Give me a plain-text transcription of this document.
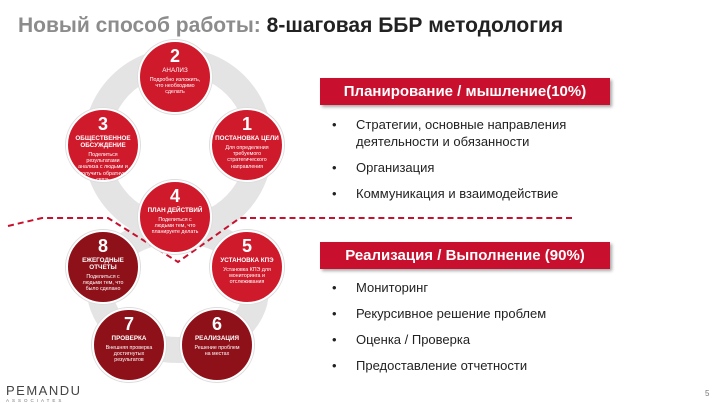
Новый способ работы: 8-шаговая ББР методология
2
АНАЛИЗ
Подробно изложить, что необходимо сделать
1
ПОСТАНОВКА ЦЕЛИ
Для определения требуемого стратегического направления
3
ОБЩЕСТВЕННОЕ ОБСУЖДЕНИЕ
Поделиться результатами анализа с людьми и получить обратную связь
4
ПЛАН ДЕЙСТВИЙ
Поделиться с людьми тем, что планируете делать
5
УСТАНОВКА КПЭ
Установка КПЭ для мониторинга и отслеживания
8
ЕЖЕГОДНЫЕ ОТЧЕТЫ
Поделиться с людьми тем, что было сделано
7
ПРОВЕРКА
Внешняя проверка достигнутых результатов
6
РЕАЛИЗАЦИЯ
Решение проблем на местах
Планирование / мышление(10%)
• Стратегии, основные направления деятельности и обязанности
• Организация
• Коммуникация и взаимодействие
Реализация / Выполнение (90%)
• Мониторинг
• Рекурсивное решение проблем
• Оценка / Проверка
• Предоставление отчетности
PEMANDU
ASSOCIATES
5
